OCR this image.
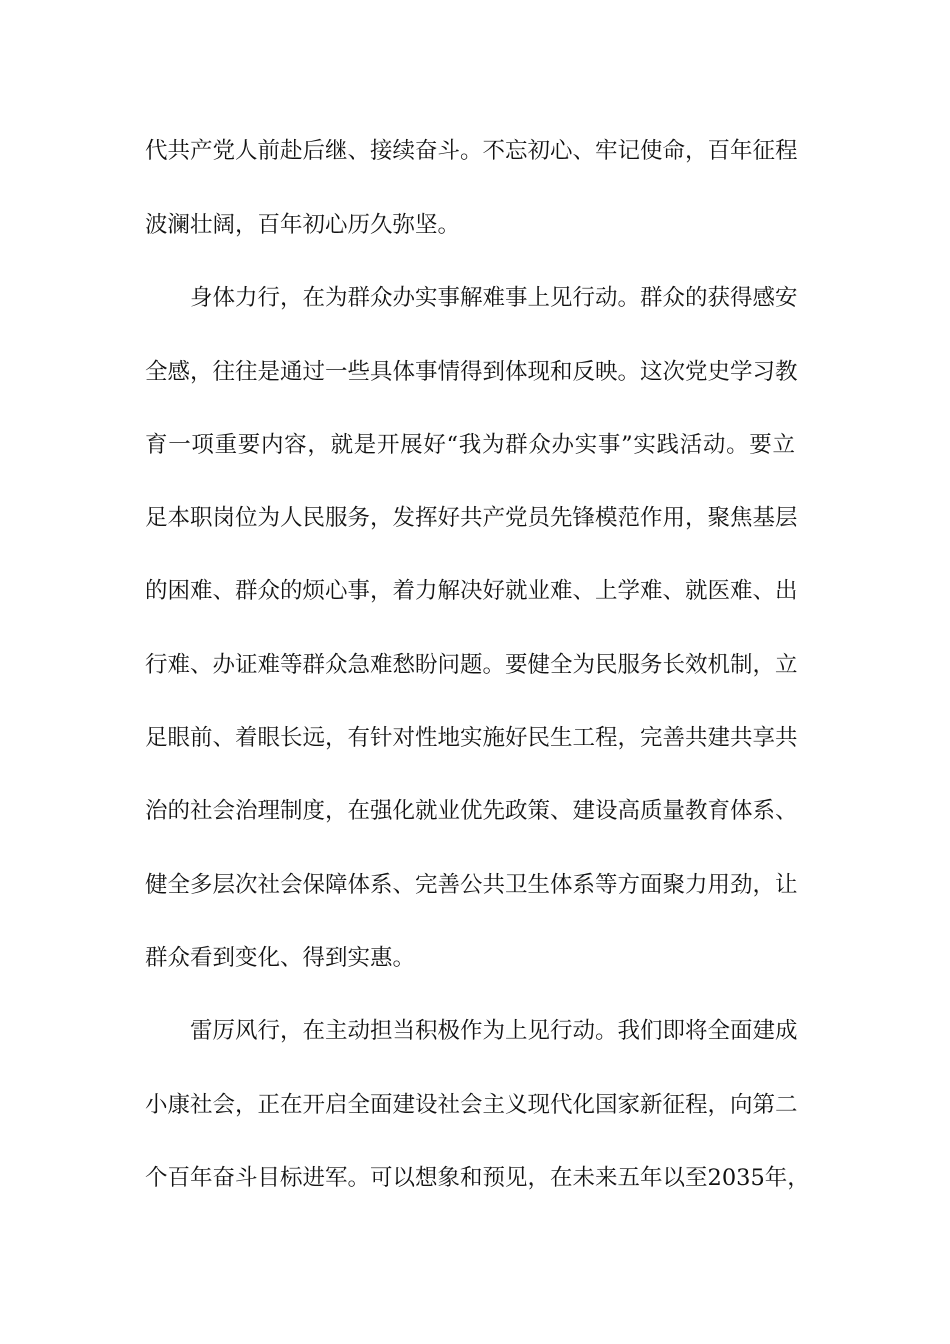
代共产党人前赴后继、接续奋斗。不忘初心、牢记使命，百年征程
波澜壮阔，百年初心历久弥坚。
身体力行，在为群众办实事解难事上见行动。群众的获得感安
全感，往往是通过一些具体事情得到体现和反映。这次党史学习教
育一项重要内容，就是开展好“我为群众办实事”实践活动。要立
足本职岗位为人民服务，发挥好共产党员先锋模范作用，聚焦基层
的困难、群众的烦心事，着力解决好就业难、上学难、就医难、出
行难、办证难等群众急难愁盼问题。要健全为民服务长效机制，立
足眼前、着眼长远，有针对性地实施好民生工程，完善共建共享共
治的社会治理制度，在强化就业优先政策、建设高质量教育体系、
健全多层次社会保障体系、完善公共卫生体系等方面聚力用劲，让
群众看到变化、得到实惠。
雷厉风行，在主动担当积极作为上见行动。我们即将全面建成
小康社会，正在开启全面建设社会主义现代化国家新征程，向第二
个百年奋斗目标进军。可以想象和预见，在未来五年以至2035年，
